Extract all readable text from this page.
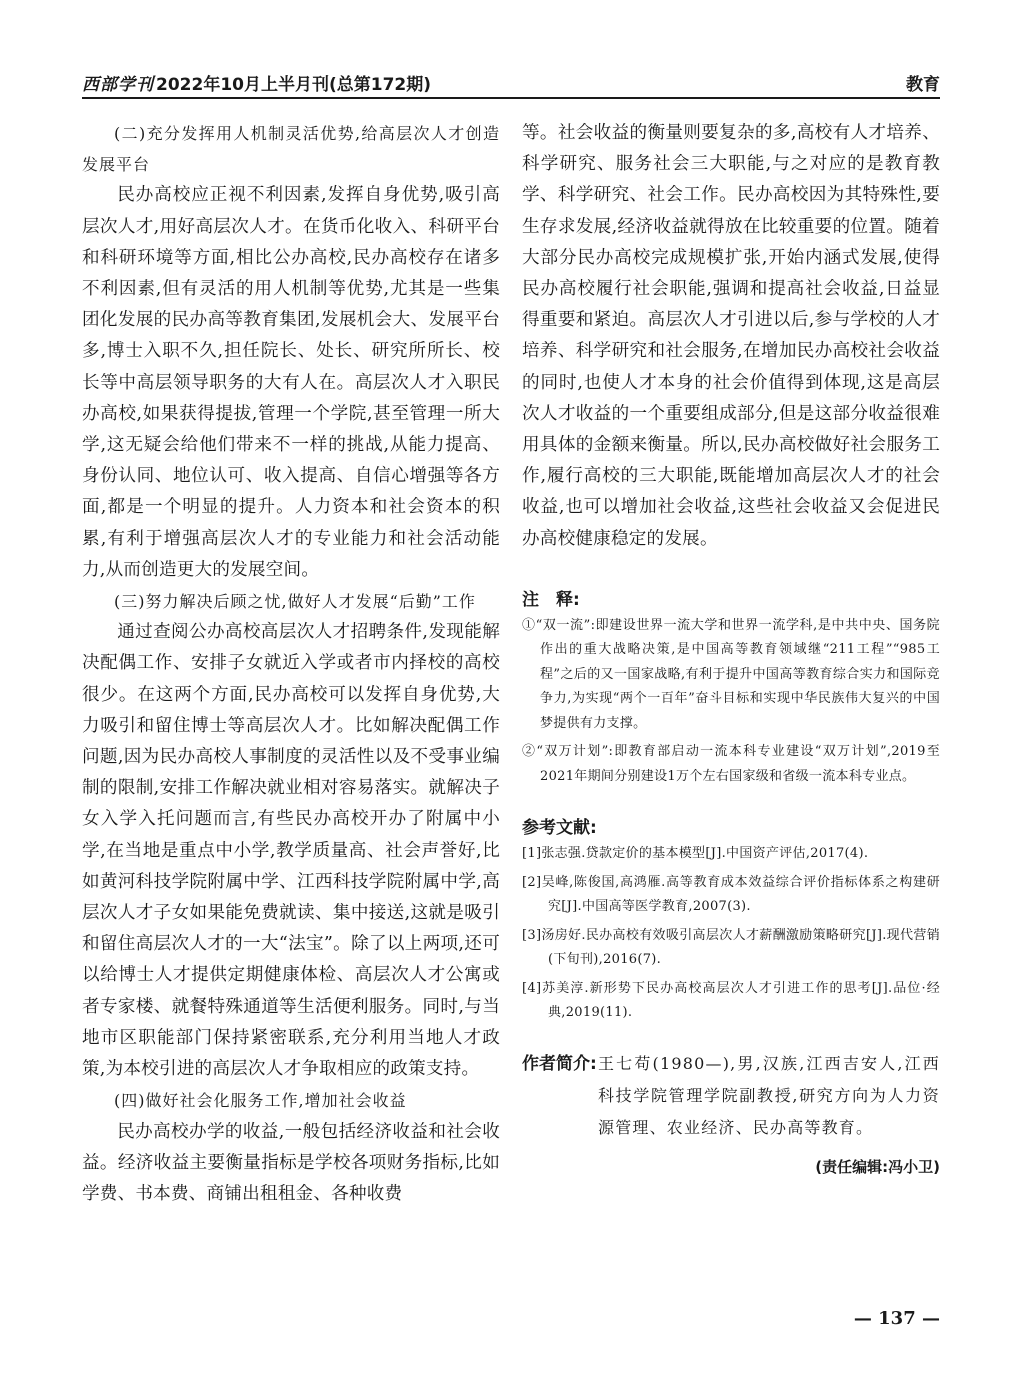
西部学刊 2022年10月上半月刊(总第172期)	教育

(二)充分发挥用人机制灵活优势,给高层次人才创造发展平台

民办高校应正视不利因素,发挥自身优势,吸引高层次人才,用好高层次人才。在货币化收入、科研平台和科研环境等方面,相比公办高校,民办高校存在诸多不利因素,但有灵活的用人机制等优势,尤其是一些集团化发展的民办高等教育集团,发展机会大、发展平台多,博士入职不久,担任院长、处长、研究所所长、校长等中高层领导职务的大有人在。高层次人才入职民办高校,如果获得提拔,管理一个学院,甚至管理一所大学,这无疑会给他们带来不一样的挑战,从能力提高、身份认同、地位认可、收入提高、自信心增强等各方面,都是一个明显的提升。人力资本和社会资本的积累,有利于增强高层次人才的专业能力和社会活动能力,从而创造更大的发展空间。

(三)努力解决后顾之忧,做好人才发展“后勤”工作

通过查阅公办高校高层次人才招聘条件,发现能解决配偶工作、安排子女就近入学或者市内择校的高校很少。在这两个方面,民办高校可以发挥自身优势,大力吸引和留住博士等高层次人才。比如解决配偶工作问题,因为民办高校人事制度的灵活性以及不受事业编制的限制,安排工作解决就业相对容易落实。就解决子女入学入托问题而言,有些民办高校开办了附属中小学,在当地是重点中小学,教学质量高、社会声誉好,比如黄河科技学院附属中学、江西科技学院附属中学,高层次人才子女如果能免费就读、集中接送,这就是吸引和留住高层次人才的一大“法宝”。除了以上两项,还可以给博士人才提供定期健康体检、高层次人才公寓或者专家楼、就餐特殊通道等生活便利服务。同时,与当地市区职能部门保持紧密联系,充分利用当地人才政策,为本校引进的高层次人才争取相应的政策支持。

(四)做好社会化服务工作,增加社会收益

民办高校办学的收益,一般包括经济收益和社会收益。经济收益主要衡量指标是学校各项财务指标,比如学费、书本费、商铺出租租金、各种收费

等。社会收益的衡量则要复杂的多,高校有人才培养、科学研究、服务社会三大职能,与之对应的是教育教学、科学研究、社会工作。民办高校因为其特殊性,要生存求发展,经济收益就得放在比较重要的位置。随着大部分民办高校完成规模扩张,开始内涵式发展,使得民办高校履行社会职能,强调和提高社会收益,日益显得重要和紧迫。高层次人才引进以后,参与学校的人才培养、科学研究和社会服务,在增加民办高校社会收益的同时,也使人才本身的社会价值得到体现,这是高层次人才收益的一个重要组成部分,但是这部分收益很难用具体的金额来衡量。所以,民办高校做好社会服务工作,履行高校的三大职能,既能增加高层次人才的社会收益,也可以增加社会收益,这些社会收益又会促进民办高校健康稳定的发展。

注　释:

①“双一流”:即建设世界一流大学和世界一流学科,是中共中央、国务院作出的重大战略决策,是中国高等教育领域继“211工程”“985工程”之后的又一国家战略,有利于提升中国高等教育综合实力和国际竞争力,为实现“两个一百年”奋斗目标和实现中华民族伟大复兴的中国梦提供有力支撑。

②“双万计划”:即教育部启动一流本科专业建设“双万计划”,2019至2021年期间分别建设1万个左右国家级和省级一流本科专业点。

参考文献:

[1]张志强.贷款定价的基本模型[J].中国资产评估,2017(4).

[2]吴峰,陈俊国,高鸿雁.高等教育成本效益综合评价指标体系之构建研究[J].中国高等医学教育,2007(3).

[3]汤房好.民办高校有效吸引高层次人才薪酬激励策略研究[J].现代营销(下旬刊),2016(7).

[4]苏美淳.新形势下民办高校高层次人才引进工作的思考[J].品位·经典,2019(11).

作者简介: 王七苟(1980—),男,汉族,江西吉安人,江西科技学院管理学院副教授,研究方向为人力资源管理、农业经济、民办高等教育。
(责任编辑:冯小卫)
— 137 —
